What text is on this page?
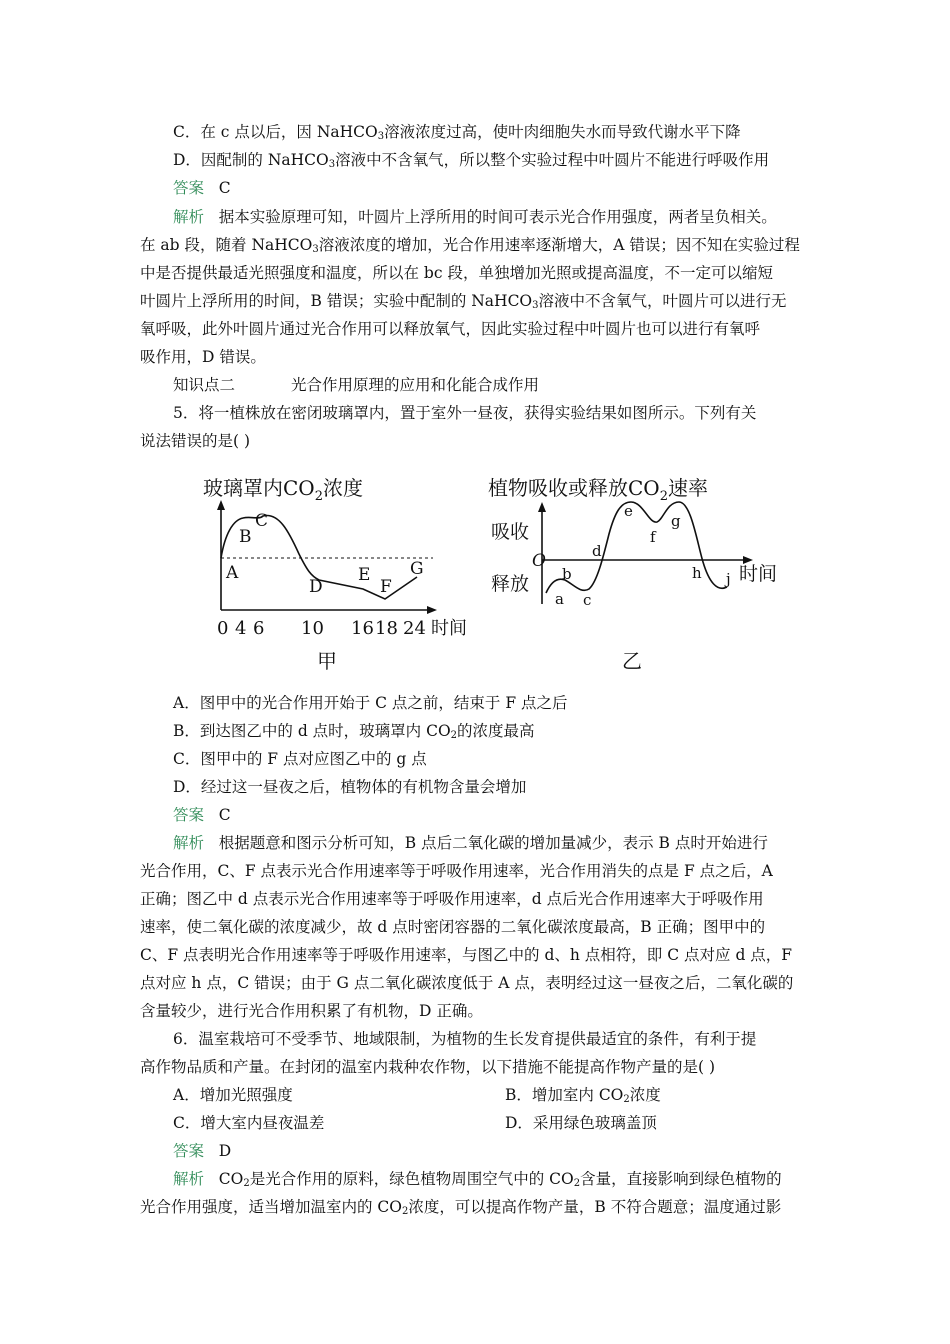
C．在 c 点以后，因 NaHCO$_3$溶液浓度过高，使叶肉细胞失水而导致代谢水平下降
D．因配制的 NaHCO$_3$溶液中不含氧气，所以整个实验过程中叶圆片不能进行呼吸作用
答案 C
解析 据本实验原理可知，叶圆片上浮所用的时间可表示光合作用强度，两者呈负相关。
在 ab 段，随着 NaHCO$_3$溶液浓度的增加，光合作用速率逐渐增大，A 错误；因不知在实验过程
中是否提供最适光照强度和温度，所以在 bc 段，单独增加光照或提高温度，不一定可以缩短
叶圆片上浮所用的时间，B 错误；实验中配制的 NaHCO$_3$溶液中不含氧气，叶圆片可以进行无
氧呼吸，此外叶圆片通过光合作用可以释放氧气，因此实验过程中叶圆片也可以进行有氧呼
吸作用，D 错误。
知识点二	光合作用原理的应用和化能合成作用
5．将一植株放在密闭玻璃罩内，置于室外一昼夜，获得实验结果如图所示。下列有关
说法错误的是( )
玻璃罩内$CO_2$浓度
A
B
C
D
E
F
G
0 4 6 10 16 18 24 时间
甲
植物吸收或释放$CO_2$速率
吸收
释放
O
a
b
c
d
e
f
g
h j 时间
乙
A．图甲中的光合作用开始于 C 点之前，结束于 F 点之后
B．到达图乙中的 d 点时，玻璃罩内 $CO_2$的浓度最高
C．图甲中的 F 点对应图乙中的 g 点
D．经过这一昼夜之后，植物体的有机物含量会增加
答案 C
解析 根据题意和图示分析可知，B 点后二氧化碳的增加量减少，表示 B 点时开始进行
光合作用，C、F 点表示光合作用速率等于呼吸作用速率，光合作用消失的点是 F 点之后，A
正确；图乙中 d 点表示光合作用速率等于呼吸作用速率，d 点后光合作用速率大于呼吸作用
速率，使二氧化碳的浓度减少，故 d 点时密闭容器的二氧化碳浓度最高，B 正确；图甲中的
C、F 点表明光合作用速率等于呼吸作用速率，与图乙中的 d、h 点相符，即 C 点对应 d 点，F
点对应 h 点，C 错误；由于 G 点二氧化碳浓度低于 A 点，表明经过这一昼夜之后，二氧化碳的
含量较少，进行光合作用积累了有机物，D 正确。
6．温室栽培可不受季节、地域限制，为植物的生长发育提供最适宜的条件，有利于提
高作物品质和产量。在封闭的温室内栽种农作物，以下措施不能提高作物产量的是( )
A．增加光照强度	B．增加室内 $CO_2$浓度
C．增大室内昼夜温差	D．采用绿色玻璃盖顶
答案 D
解析 $CO_2$是光合作用的原料，绿色植物周围空气中的 $CO_2$含量，直接影响到绿色植物的
光合作用强度，适当增加温室内的 $CO_2$浓度，可以提高作物产量，B 不符合题意；温度通过影
